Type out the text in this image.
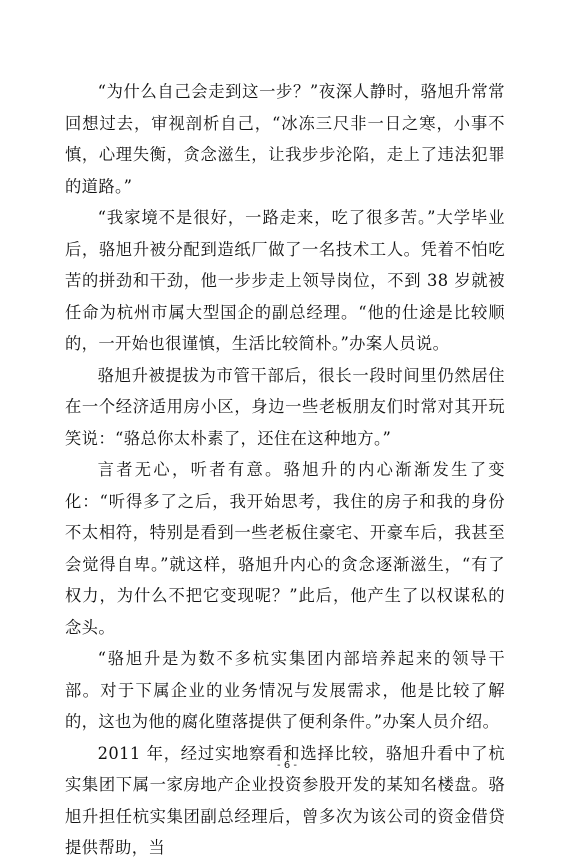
“为什么自己会走到这一步？”夜深人静时，骆旭升常常回想过去，审视剖析自己，“冰冻三尺非一日之寒，小事不慎，心理失衡，贪念滋生，让我步步沦陷，走上了违法犯罪的道路。”

“我家境不是很好，一路走来，吃了很多苦。”大学毕业后，骆旭升被分配到造纸厂做了一名技术工人。凭着不怕吃苦的拼劲和干劲，他一步步走上领导岗位，不到 38 岁就被任命为杭州市属大型国企的副总经理。“他的仕途是比较顺的，一开始也很谨慎，生活比较简朴。”办案人员说。

骆旭升被提拔为市管干部后，很长一段时间里仍然居住在一个经济适用房小区，身边一些老板朋友们时常对其开玩笑说：“骆总你太朴素了，还住在这种地方。”

言者无心，听者有意。骆旭升的内心渐渐发生了变化：“听得多了之后，我开始思考，我住的房子和我的身份不太相符，特别是看到一些老板住豪宅、开豪车后，我甚至会觉得自卑。”就这样，骆旭升内心的贪念逐渐滋生，“有了权力，为什么不把它变现呢？”此后，他产生了以权谋私的念头。

“骆旭升是为数不多杭实集团内部培养起来的领导干部。对于下属企业的业务情况与发展需求，他是比较了解的，这也为他的腐化堕落提供了便利条件。”办案人员介绍。

2011 年，经过实地察看和选择比较，骆旭升看中了杭实集团下属一家房地产企业投资参股开发的某知名楼盘。骆旭升担任杭实集团副总经理后，曾多次为该公司的资金借贷提供帮助，当

- 6 -
